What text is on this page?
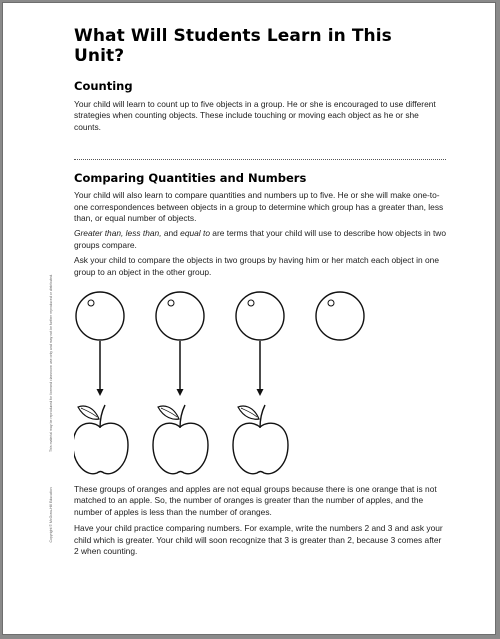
This material may be reproduced for licensed classroom use only and may not be further reproduced or distributed.
Copyright © McGraw-Hill Education
What Will Students Learn in This Unit?
Counting

Your child will learn to count up to five objects in a group. He or she is encouraged to use different strategies when counting objects. These include touching or moving each object as he or she counts.

Comparing Quantities and Numbers

Your child will also learn to compare quantities and numbers up to five. He or she will make one-to-one correspondences between objects in a group to determine which group has a greater than, less than, or equal number of objects.

Greater than, less than, and equal to are terms that your child will use to describe how objects in two groups compare.

Ask your child to compare the objects in two groups by having him or her match each object in one group to an object in the other group.

These groups of oranges and apples are not equal groups because there is one orange that is not matched to an apple. So, the number of oranges is greater than the number of apples, and the number of apples is less than the number of oranges.

Have your child practice comparing numbers. For example, write the numbers 2 and 3 and ask your child which is greater. Your child will soon recognize that 3 is greater than 2, because 3 comes after 2 when counting.
